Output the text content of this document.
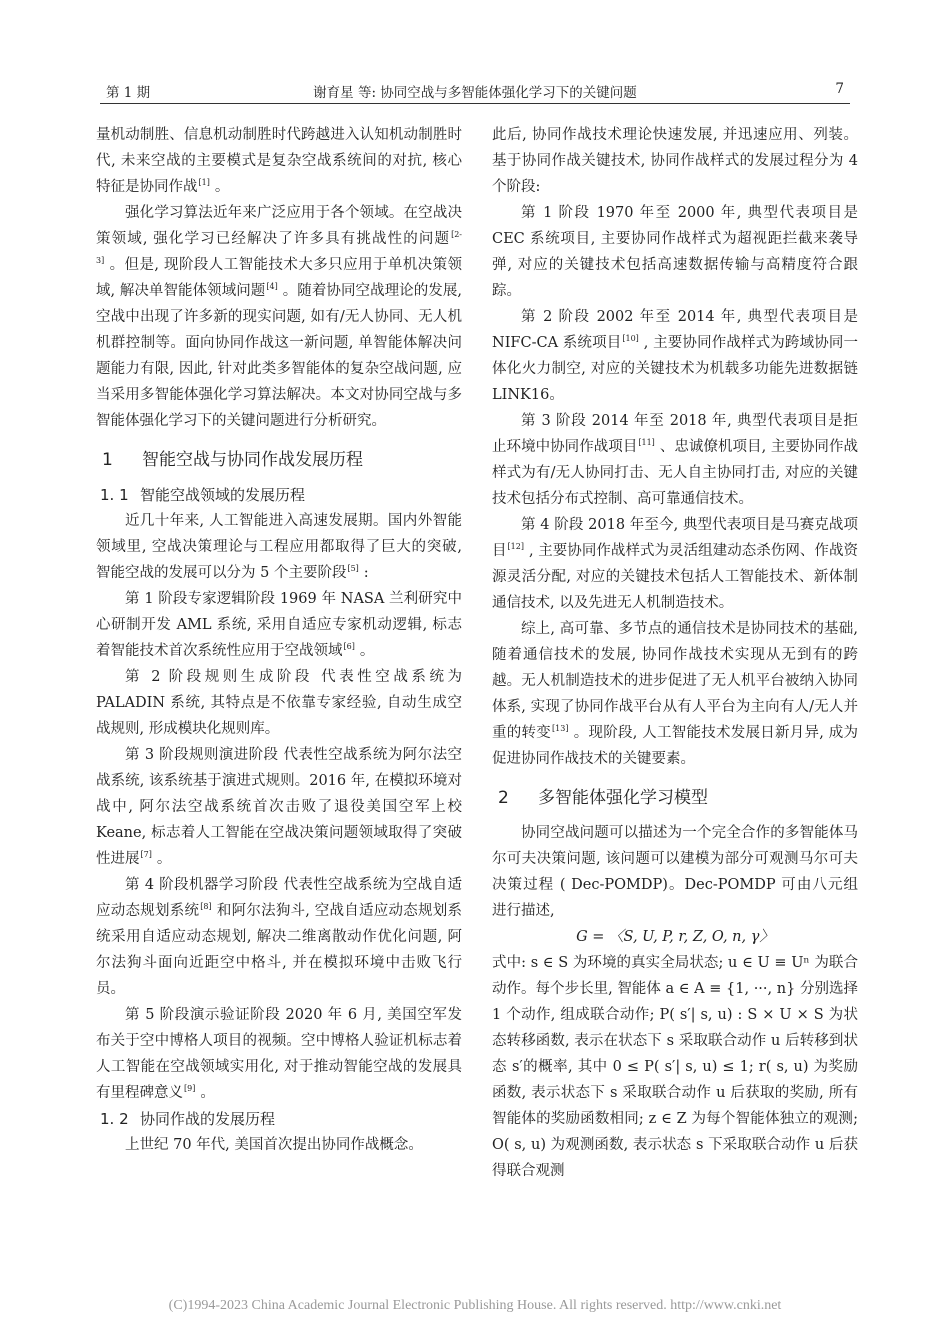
第 1 期	谢育星 等: 协同空战与多智能体强化学习下的关键问题	7

量机动制胜、信息机动制胜时代跨越进入认知机动制胜时代, 未来空战的主要模式是复杂空战系统间的对抗, 核心特征是协同作战[1] 。

强化学习算法近年来广泛应用于各个领域。在空战决策领域, 强化学习已经解决了许多具有挑战性的问题[2-3] 。但是, 现阶段人工智能技术大多只应用于单机决策领域, 解决单智能体领域问题[4] 。随着协同空战理论的发展, 空战中出现了许多新的现实问题, 如有/无人协同、无人机机群控制等。面向协同作战这一新问题, 单智能体解决问题能力有限, 因此, 针对此类多智能体的复杂空战问题, 应当采用多智能体强化学习算法解决。本文对协同空战与多智能体强化学习下的关键问题进行分析研究。

1 智能空战与协同作战发展历程
1. 1 智能空战领域的发展历程

近几十年来, 人工智能进入高速发展期。国内外智能领域里, 空战决策理论与工程应用都取得了巨大的突破, 智能空战的发展可以分为 5 个主要阶段[5] :

第 1 阶段专家逻辑阶段 1969 年 NASA 兰利研究中心研制开发 AML 系统, 采用自适应专家机动逻辑, 标志着智能技术首次系统性应用于空战领域[6] 。

第 2 阶段规则生成阶段 代表性空战系统为 PALADIN 系统, 其特点是不依靠专家经验, 自动生成空战规则, 形成模块化规则库。

第 3 阶段规则演进阶段 代表性空战系统为阿尔法空战系统, 该系统基于演进式规则。2016 年, 在模拟环境对战中, 阿尔法空战系统首次击败了退役美国空军上校 Keane, 标志着人工智能在空战决策问题领域取得了突破性进展[7] 。

第 4 阶段机器学习阶段 代表性空战系统为空战自适应动态规划系统[8] 和阿尔法狗斗, 空战自适应动态规划系统采用自适应动态规划, 解决二维离散动作优化问题, 阿尔法狗斗面向近距空中格斗, 并在模拟环境中击败飞行员。

第 5 阶段演示验证阶段 2020 年 6 月, 美国空军发布关于空中博格人项目的视频。空中博格人验证机标志着人工智能在空战领域实用化, 对于推动智能空战的发展具有里程碑意义[9] 。

1. 2 协同作战的发展历程

上世纪 70 年代, 美国首次提出协同作战概念。

此后, 协同作战技术理论快速发展, 并迅速应用、列装。基于协同作战关键技术, 协同作战样式的发展过程分为 4 个阶段:

第 1 阶段 1970 年至 2000 年, 典型代表项目是 CEC 系统项目, 主要协同作战样式为超视距拦截来袭导弹, 对应的关键技术包括高速数据传输与高精度符合跟踪。

第 2 阶段 2002 年至 2014 年, 典型代表项目是 NIFC-CA 系统项目[10] , 主要协同作战样式为跨域协同一体化火力制空, 对应的关键技术为机载多功能先进数据链 LINK16。

第 3 阶段 2014 年至 2018 年, 典型代表项目是拒止环境中协同作战项目[11] 、忠诚僚机项目, 主要协同作战样式为有/无人协同打击、无人自主协同打击, 对应的关键技术包括分布式控制、高可靠通信技术。

第 4 阶段 2018 年至今, 典型代表项目是马赛克战项目[12] , 主要协同作战样式为灵活组建动态杀伤网、作战资源灵活分配, 对应的关键技术包括人工智能技术、新体制通信技术, 以及先进无人机制造技术。

综上, 高可靠、多节点的通信技术是协同技术的基础, 随着通信技术的发展, 协同作战技术实现从无到有的跨越。无人机制造技术的进步促进了无人机平台被纳入协同体系, 实现了协同作战平台从有人平台为主向有人/无人并重的转变[13] 。现阶段, 人工智能技术发展日新月异, 成为促进协同作战技术的关键要素。

2 多智能体强化学习模型

协同空战问题可以描述为一个完全合作的多智能体马尔可夫决策问题, 该问题可以建模为部分可观测马尔可夫决策过程 ( Dec-POMDP)。Dec-POMDP 可由八元组进行描述,

G = 〈S, U, P, r, Z, O, n, γ〉

式中: s ∈ S 为环境的真实全局状态; u ∈ U ≡ Uⁿ 为联合动作。每个步长里, 智能体 a ∈ A ≡ {1, ···, n} 分别选择 1 个动作, 组成联合动作; P( s′| s, u) : S × U × S 为状态转移函数, 表示在状态下 s 采取联合动作 u 后转移到状态 s′的概率, 其中 0 ≤ P( s′| s, u) ≤ 1; r( s, u) 为奖励函数, 表示状态下 s 采取联合动作 u 后获取的奖励, 所有智能体的奖励函数相同; z ∈ Z 为每个智能体独立的观测; O( s, u) 为观测函数, 表示状态 s 下采取联合动作 u 后获得联合观测

(C)1994-2023 China Academic Journal Electronic Publishing House. All rights reserved. http://www.cnki.net
